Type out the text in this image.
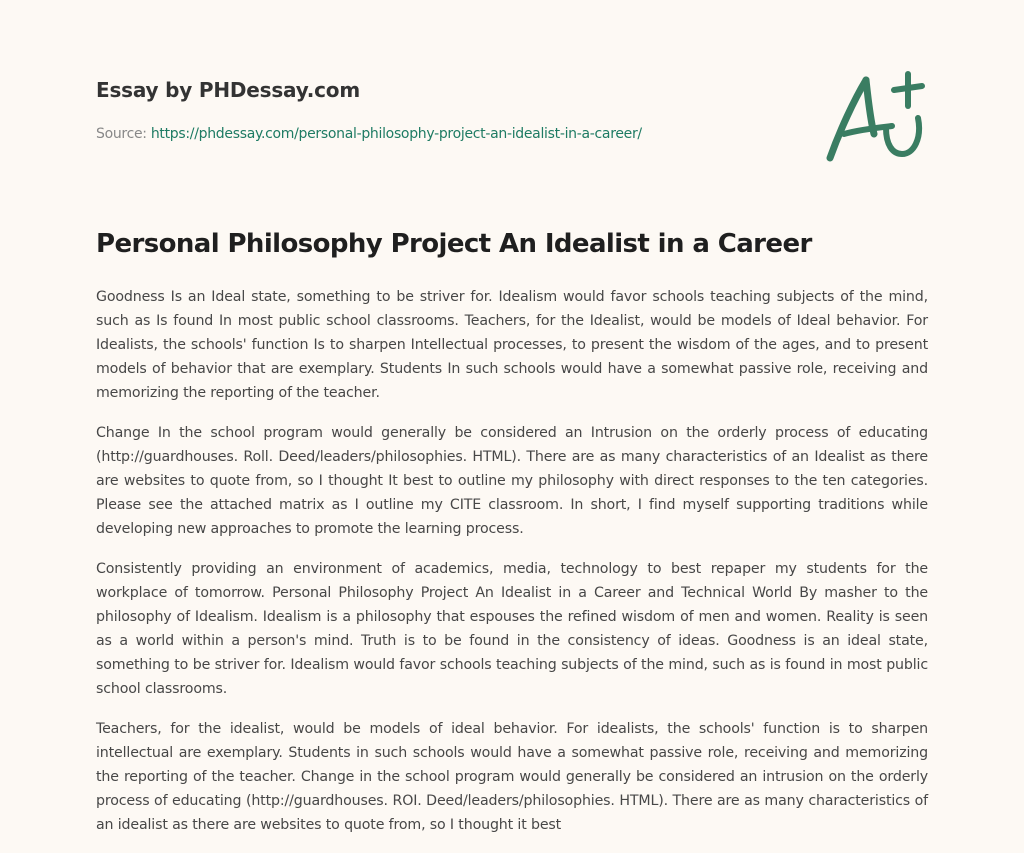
Essay by PHDessay.com
Source: https://phdessay.com/personal-philosophy-project-an-idealist-in-a-career/
Personal Philosophy Project An Idealist in a Career

Goodness Is an Ideal state, something to be striver for. Idealism would favor schools teaching subjects of the mind, such as Is found In most public school classrooms. Teachers, for the Idealist, would be models of Ideal behavior. For Idealists, the schools' function Is to sharpen Intellectual processes, to present the wisdom of the ages, and to present models of behavior that are exemplary. Students In such schools would have a somewhat passive role, receiving and memorizing the reporting of the teacher.

Change In the school program would generally be considered an Intrusion on the orderly process of educating (http://guardhouses. Roll. Deed/leaders/philosophies. HTML). There are as many characteristics of an Idealist as there are websites to quote from, so I thought It best to outline my philosophy with direct responses to the ten categories. Please see the attached matrix as I outline my CITE classroom. In short, I find myself supporting traditions while developing new approaches to promote the learning process.

Consistently providing an environment of academics, media, technology to best repaper my students for the workplace of tomorrow. Personal Philosophy Project An Idealist in a Career and Technical World By masher to the philosophy of Idealism. Idealism is a philosophy that espouses the refined wisdom of men and women. Reality is seen as a world within a person's mind. Truth is to be found in the consistency of ideas. Goodness is an ideal state, something to be striver for. Idealism would favor schools teaching subjects of the mind, such as is found in most public school classrooms.

Teachers, for the idealist, would be models of ideal behavior. For idealists, the schools' function is to sharpen intellectual are exemplary. Students in such schools would have a somewhat passive role, receiving and memorizing the reporting of the teacher. Change in the school program would generally be considered an intrusion on the orderly process of educating (http://guardhouses. ROI. Deed/leaders/philosophies. HTML). There are as many characteristics of an idealist as there are websites to quote from, so I thought it best
